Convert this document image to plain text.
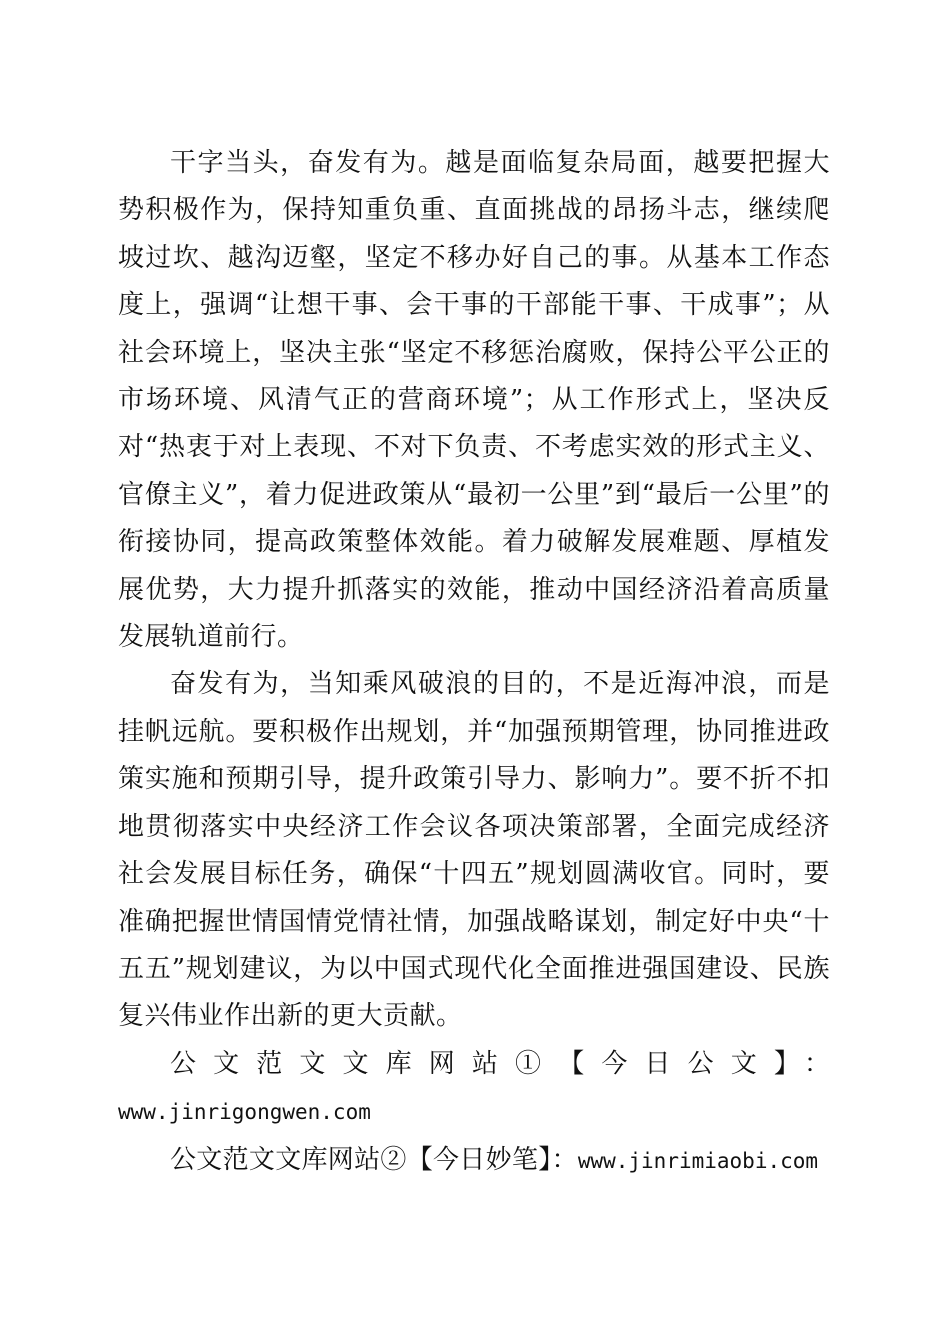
干字当头，奋发有为。越是面临复杂局面，越要把握大势积极作为，保持知重负重、直面挑战的昂扬斗志，继续爬坡过坎、越沟迈壑，坚定不移办好自己的事。从基本工作态度上，强调“让想干事、会干事的干部能干事、干成事”；从社会环境上，坚决主张“坚定不移惩治腐败，保持公平公正的市场环境、风清气正的营商环境”；从工作形式上，坚决反对“热衷于对上表现、不对下负责、不考虑实效的形式主义、官僚主义”，着力促进政策从“最初一公里”到“最后一公里”的衔接协同，提高政策整体效能。着力破解发展难题、厚植发展优势，大力提升抓落实的效能，推动中国经济沿着高质量发展轨道前行。

奋发有为，当知乘风破浪的目的，不是近海冲浪，而是挂帆远航。要积极作出规划，并“加强预期管理，协同推进政策实施和预期引导，提升政策引导力、影响力”。要不折不扣地贯彻落实中央经济工作会议各项决策部署，全面完成经济社会发展目标任务，确保“十四五”规划圆满收官。同时，要准确把握世情国情党情社情，加强战略谋划，制定好中央“十五五”规划建议，为以中国式现代化全面推进强国建设、民族复兴伟业作出新的更大贡献。

公文范文文库网站①【今日公文】：

www.jinrigongwen.com

公文范文文库网站②【今日妙笔】：www.jinrimiaobi.com
